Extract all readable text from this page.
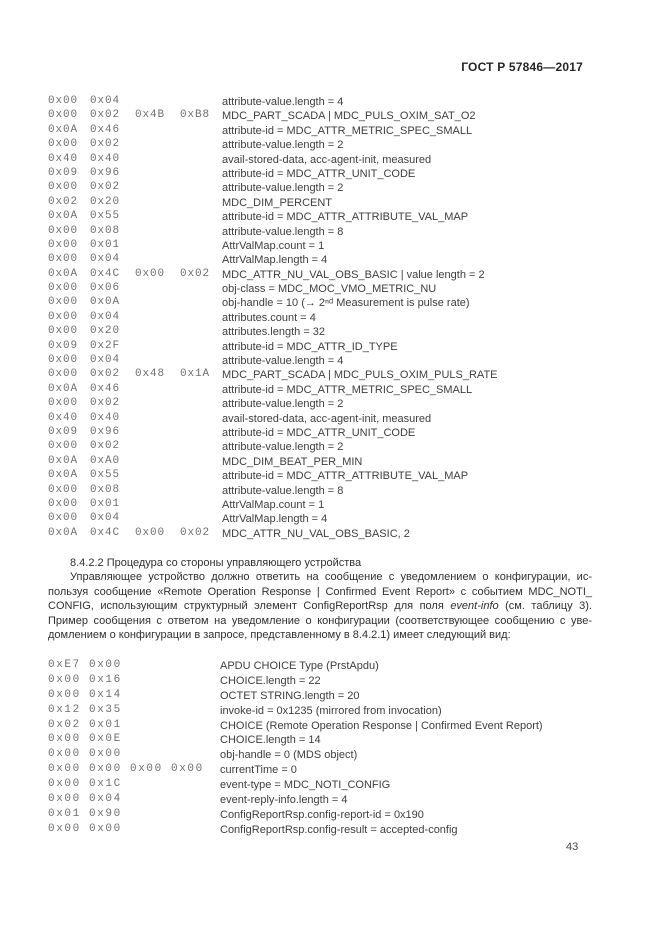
ГОСТ Р 57846—2017
0x00 0x04	attribute-value.length = 4
0x00 0x02 0x4B 0xB8 MDC_PART_SCADA | MDC_PULS_OXIM_SAT_O2
0x0A 0x46	attribute-id = MDC_ATTR_METRIC_SPEC_SMALL
0x00 0x02	attribute-value.length = 2
0x40 0x40	avail-stored-data, acc-agent-init, measured
0x09 0x96	attribute-id = MDC_ATTR_UNIT_CODE
0x00 0x02	attribute-value.length = 2
0x02 0x20	MDC_DIM_PERCENT
0x0A 0x55	attribute-id = MDC_ATTR_ATTRIBUTE_VAL_MAP
0x00 0x08	attribute-value.length = 8
0x00 0x01	AttrValMap.count = 1
0x00 0x04	AttrValMap.length = 4
0x0A 0x4C 0x00 0x02 MDC_ATTR_NU_VAL_OBS_BASIC | value length = 2
0x00 0x06	obj-class = MDC_MOC_VMO_METRIC_NU
0x00 0x0A	obj-handle = 10 (→ 2ⁿᵈ Measurement is pulse rate)
0x00 0x04	attributes.count = 4
0x00 0x20	attributes.length = 32
0x09 0x2F	attribute-id = MDC_ATTR_ID_TYPE
0x00 0x04	attribute-value.length = 4
0x00 0x02 0x48 0x1A MDC_PART_SCADA | MDC_PULS_OXIM_PULS_RATE
0x0A 0x46	attribute-id = MDC_ATTR_METRIC_SPEC_SMALL
0x00 0x02	attribute-value.length = 2
0x40 0x40	avail-stored-data, acc-agent-init, measured
0x09 0x96	attribute-id = MDC_ATTR_UNIT_CODE
0x00 0x02	attribute-value.length = 2
0x0A 0xA0	MDC_DIM_BEAT_PER_MIN
0x0A 0x55	attribute-id = MDC_ATTR_ATTRIBUTE_VAL_MAP
0x00 0x08	attribute-value.length = 8
0x00 0x01	AttrValMap.count = 1
0x00 0x04	AttrValMap.length = 4
0x0A 0x4C 0x00 0x02 MDC_ATTR_NU_VAL_OBS_BASIC, 2
8.4.2.2 Процедура со стороны управляющего устройства
Управляющее устройство должно ответить на сообщение с уведомлением о конфигурации, используя сообщение «Remote Operation Response | Confirmed Event Report» с событием MDC_NOTI_​CONFIG, использующим структурный элемент ConfigReportRsp для поля event-info (см. таблицу 3). Пример сообщения с ответом на уведомление о конфигурации (соответствующее сообщению с уведомлением о конфигурации в запросе, представленному в 8.4.2.1) имеет следующий вид:
0xE7 0x00	APDU CHOICE Type (PrstApdu)
0x00 0x16	CHOICE.length = 22
0x00 0x14	OCTET STRING.length = 20
0x12 0x35	invoke-id = 0x1235 (mirrored from invocation)
0x02 0x01	CHOICE (Remote Operation Response | Confirmed Event Report)
0x00 0x0E	CHOICE.length = 14
0x00 0x00	obj-handle = 0 (MDS object)
0x00 0x00 0x00 0x00 currentTime = 0
0x00 0x1C	event-type = MDC_NOTI_CONFIG
0x00 0x04	event-reply-info.length = 4
0x01 0x90	ConfigReportRsp.config-report-id = 0x190
0x00 0x00	ConfigReportRsp.config-result = accepted-config
43
